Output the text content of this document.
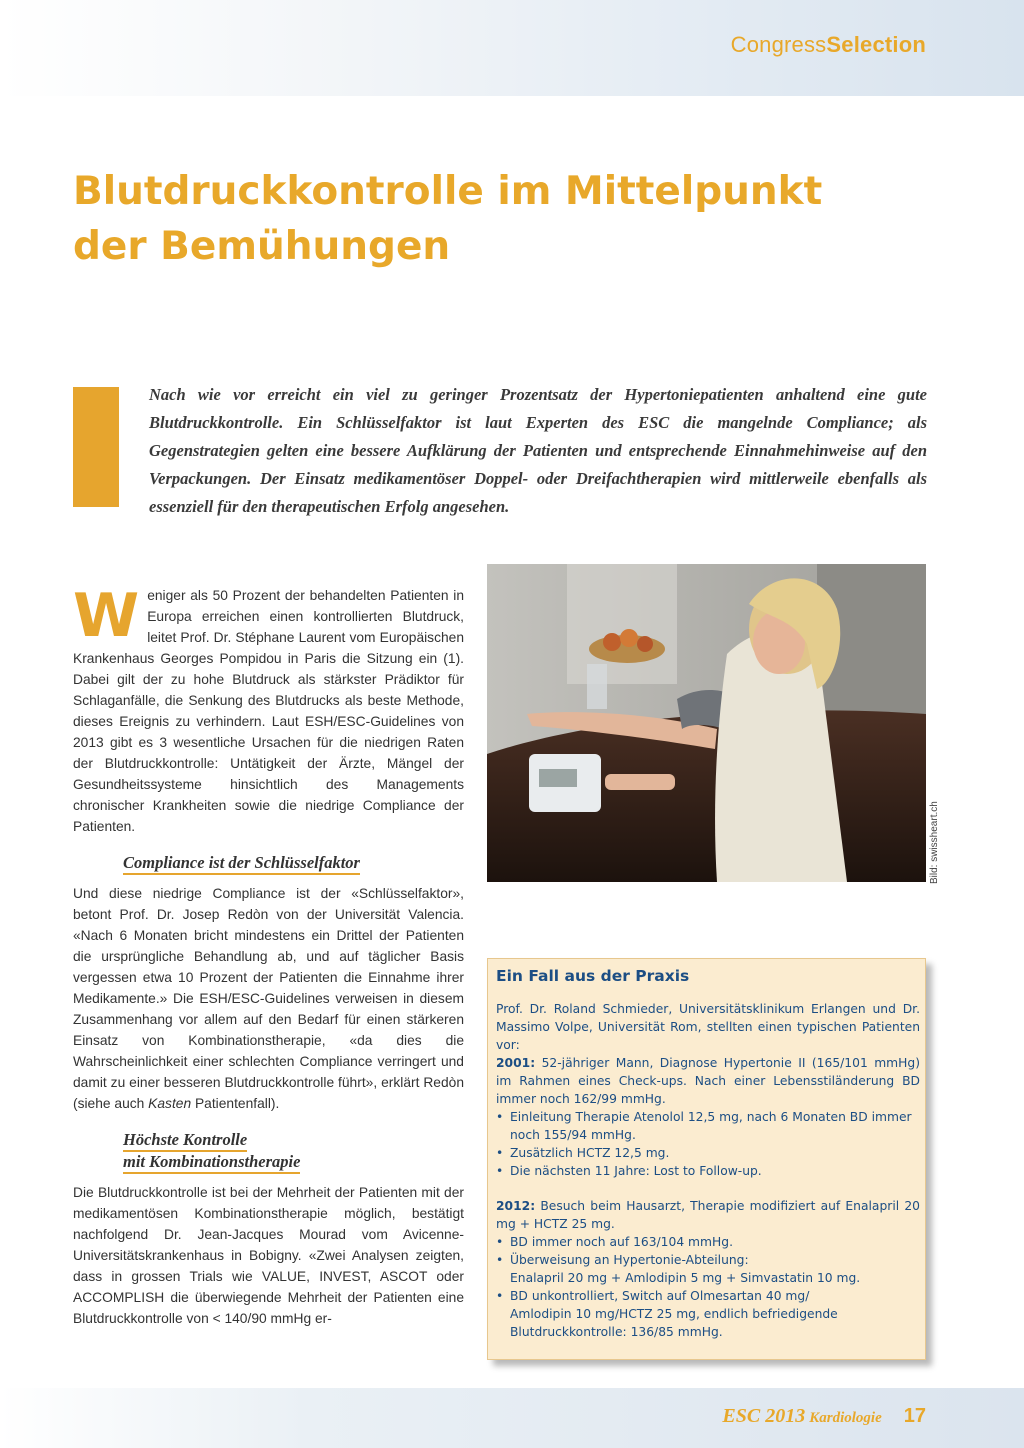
CongressSelection
Blutdruckkontrolle im Mittelpunkt
der Bemühungen

Nach wie vor erreicht ein viel zu geringer Prozentsatz der Hypertoniepatienten anhaltend eine gute Blutdruckkontrolle. Ein Schlüsselfaktor ist laut Experten des ESC die mangelnde Compliance; als Gegenstrategien gelten eine bessere Aufklärung der Patienten und entsprechende Einnahmehinweise auf den Verpackungen. Der Einsatz medikamentöser Doppel- oder Dreifachtherapien wird mittlerweile ebenfalls als essenziell für den therapeutischen Erfolg angesehen.

Weniger als 50 Prozent der behandelten Patienten in Europa erreichen einen kontrollierten Blutdruck, leitet Prof. Dr. Stéphane Laurent vom Europäischen Krankenhaus Georges Pompidou in Paris die Sitzung ein (1). Dabei gilt der zu hohe Blutdruck als stärkster Prädiktor für Schlaganfälle, die Senkung des Blutdrucks als beste Methode, dieses Ereignis zu verhindern. Laut ESH/ESC-Guidelines von 2013 gibt es 3 wesentliche Ursachen für die niedrigen Raten der Blutdruckkontrolle: Untätigkeit der Ärzte, Mängel der Gesundheitssysteme hinsichtlich des Managements chronischer Krankheiten sowie die niedrige Compliance der Patienten.

Compliance ist der Schlüsselfaktor

Und diese niedrige Compliance ist der «Schlüsselfaktor», betont Prof. Dr. Josep Redòn von der Universität Valencia. «Nach 6 Monaten bricht mindestens ein Drittel der Patienten die ursprüngliche Behandlung ab, und auf täglicher Basis vergessen etwa 10 Prozent der Patienten die Einnahme ihrer Medikamente.» Die ESH/ESC-Guidelines verweisen in diesem Zusammenhang vor allem auf den Bedarf für einen stärkeren Einsatz von Kombinationstherapie, «da dies die Wahrscheinlichkeit einer schlechten Compliance verringert und damit zu einer besseren Blutdruckkontrolle führt», erklärt Redòn (siehe auch Kasten Patientenfall).

Höchste Kontrolle
mit Kombinationstherapie

Die Blutdruckkontrolle ist bei der Mehrheit der Patienten mit der medikamentösen Kombinationstherapie möglich, bestätigt nachfolgend Dr. Jean-Jacques Mourad vom Avicenne-Universitätskrankenhaus in Bobigny. «Zwei Analysen zeigten, dass in grossen Trials wie VALUE, INVEST, ASCOT oder ACCOMPLISH die überwiegende Mehrheit der Patienten eine Blutdruckkontrolle von < 140/90 mmHg er-

Bild: swissheart.ch
Ein Fall aus der Praxis

Prof. Dr. Roland Schmieder, Universitätsklinikum Erlangen und Dr. Massimo Volpe, Universität Rom, stellten einen typischen Patienten vor:

2001: 52-jähriger Mann, Diagnose Hypertonie II (165/101 mmHg) im Rahmen eines Check-ups. Nach einer Lebensstiländerung BD immer noch 162/99 mmHg.

• Einleitung Therapie Atenolol 12,5 mg, nach 6 Monaten BD immer noch 155/94 mmHg.
• Zusätzlich HCTZ 12,5 mg.
• Die nächsten 11 Jahre: Lost to Follow-up.

2012: Besuch beim Hausarzt, Therapie modifiziert auf Enalapril 20 mg + HCTZ 25 mg.

• BD immer noch auf 163/104 mmHg.
• Überweisung an Hypertonie-Abteilung:
Enalapril 20 mg + Amlodipin 5 mg + Simvastatin 10 mg.
• BD unkontrolliert, Switch auf Olmesartan 40 mg/
Amlodipin 10 mg/HCTZ 25 mg, endlich befriedigende Blutdruckkontrolle: 136/85 mmHg.
ESC 2013 Kardiologie 17
